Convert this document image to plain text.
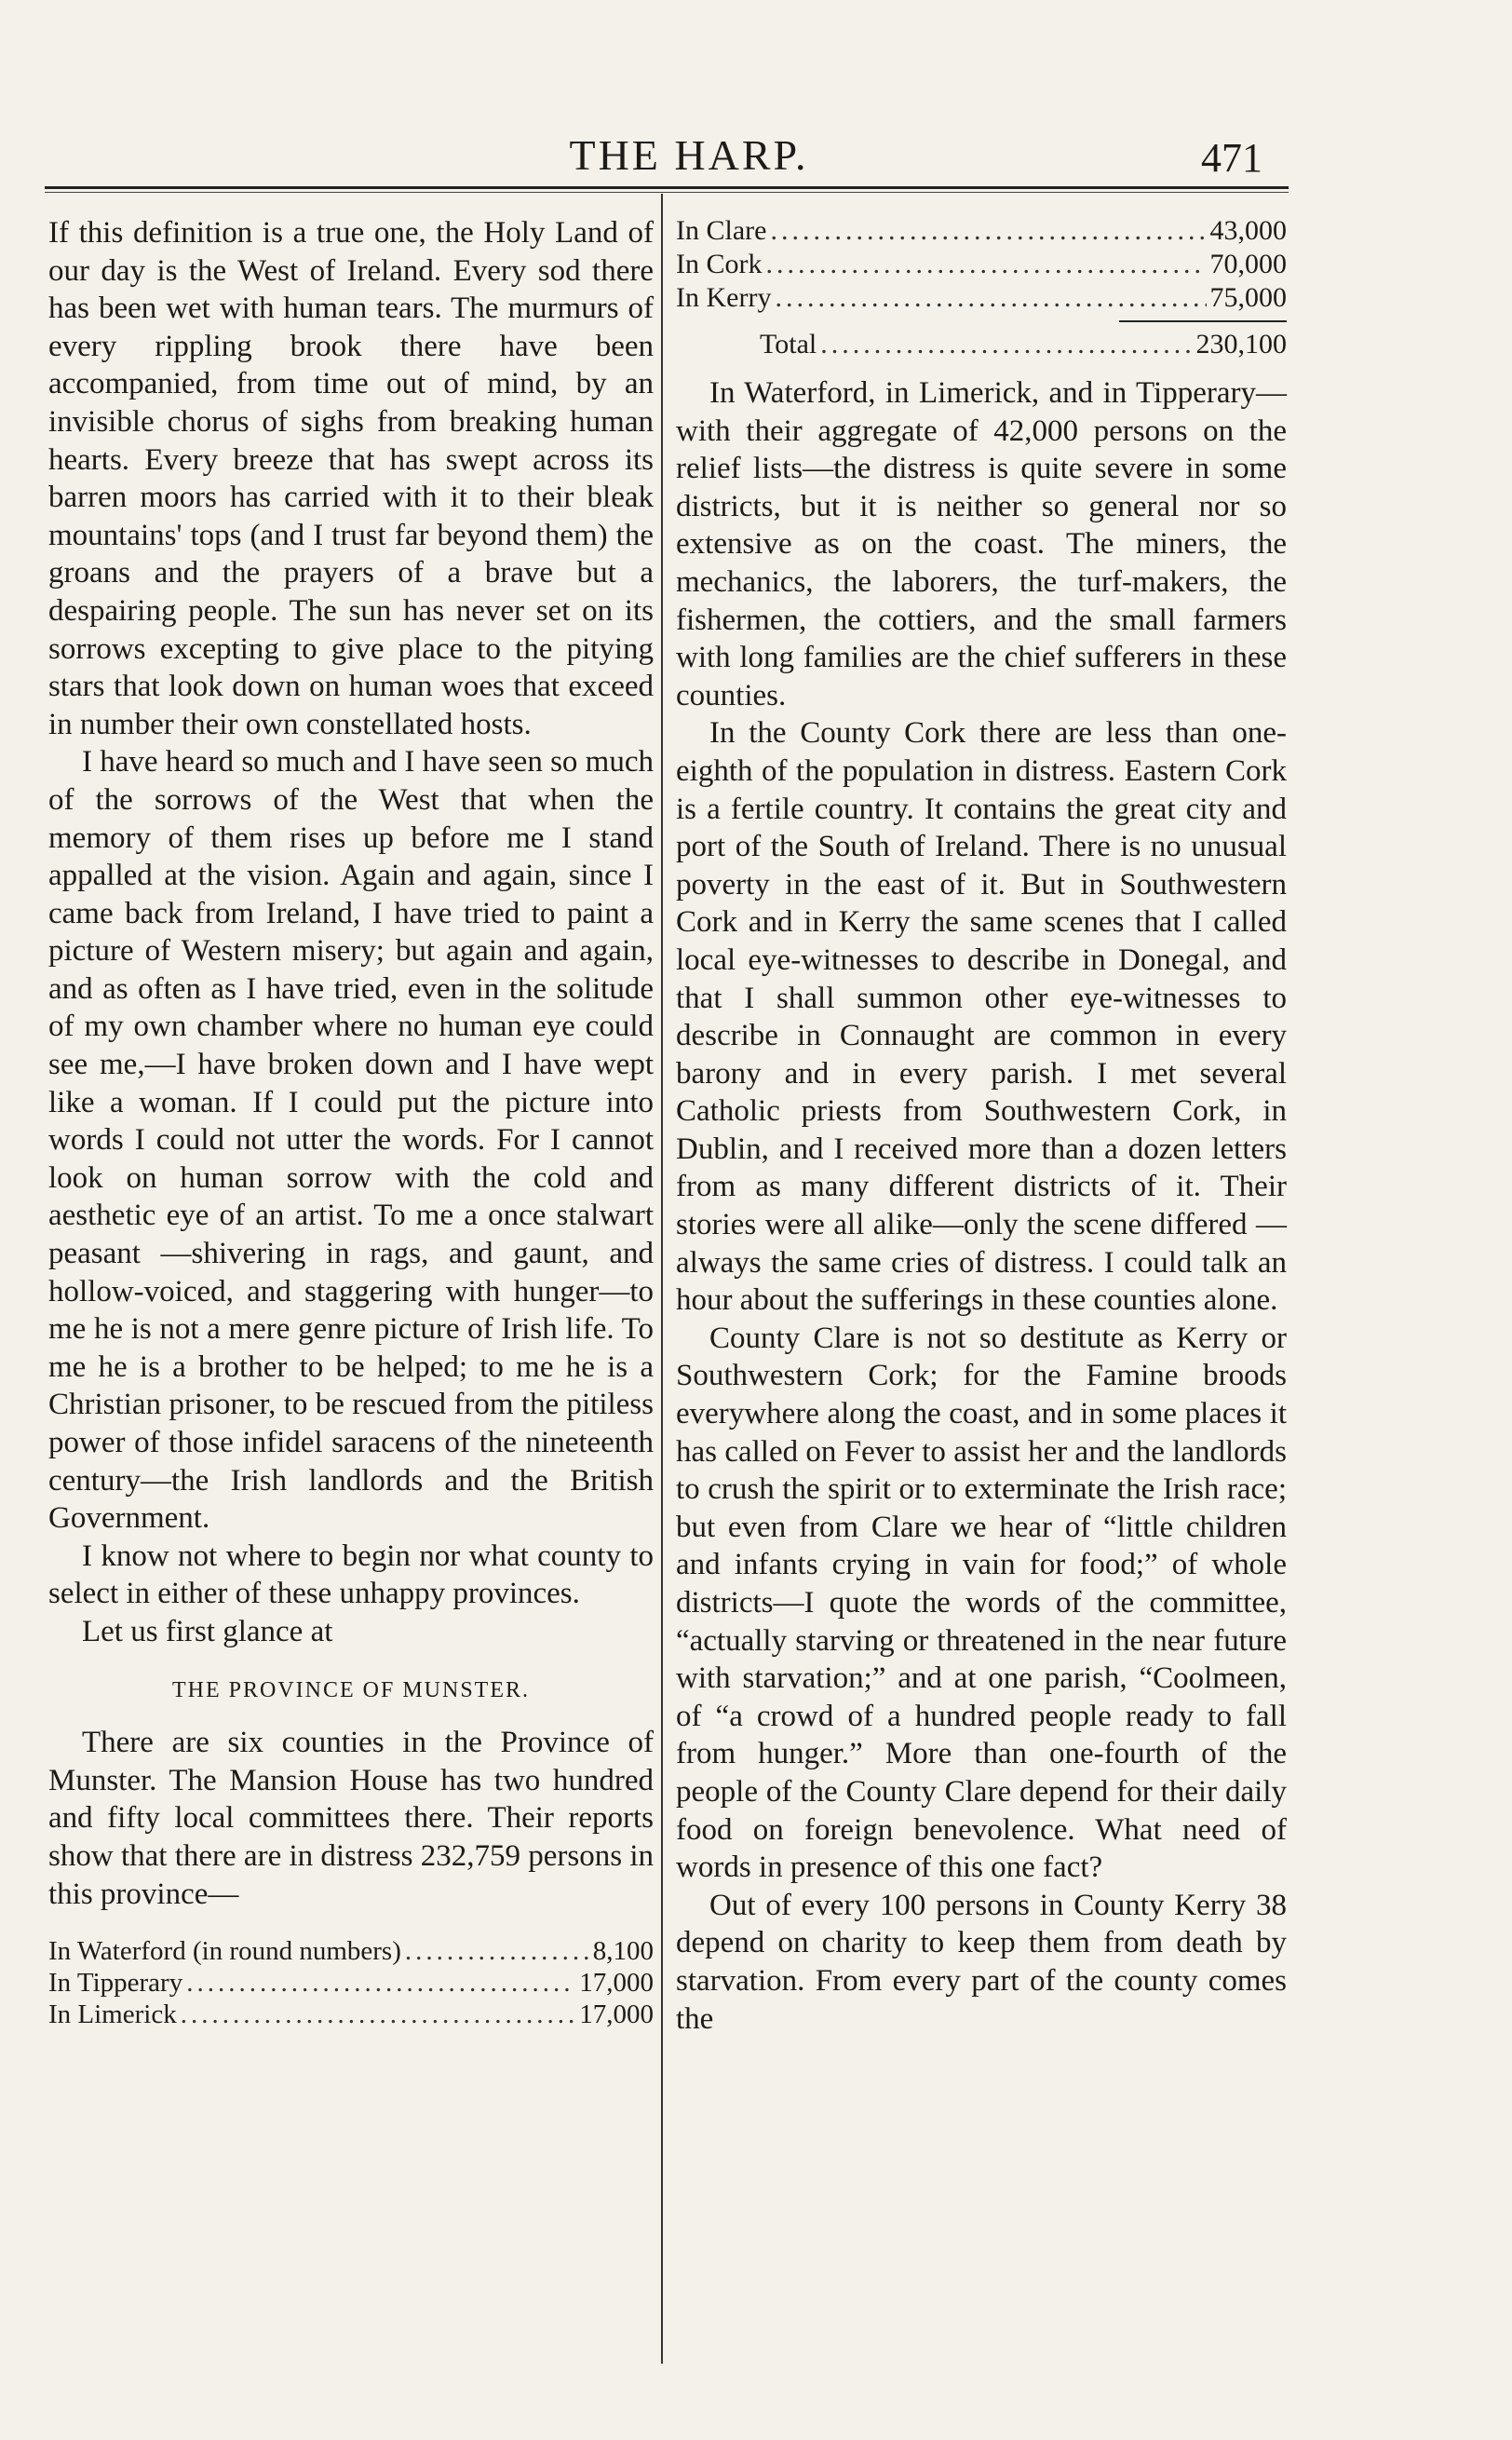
THE HARP.	471

If this definition is a true one, the Holy Land of our day is the West of Ireland. Every sod there has been wet with human tears. The murmurs of every rippling brook there have been accompanied, from time out of mind, by an invisible chorus of sighs from breaking human hearts. Every breeze that has swept across its barren moors has carried with it to their bleak mountains' tops (and I trust far beyond them) the groans and the prayers of a brave but a despairing people. The sun has never set on its sorrows excepting to give place to the pitying stars that look down on human woes that exceed in number their own constellated hosts.

I have heard so much and I have seen so much of the sorrows of the West that when the memory of them rises up before me I stand appalled at the vision. Again and again, since I came back from Ireland, I have tried to paint a picture of Western misery; but again and again, and as often as I have tried, even in the solitude of my own chamber where no human eye could see me,—I have broken down and I have wept like a woman. If I could put the picture into words I could not utter the words. For I cannot look on human sorrow with the cold and aesthetic eye of an artist. To me a once stalwart peasant —shivering in rags, and gaunt, and hollow-voiced, and staggering with hunger—to me he is not a mere genre picture of Irish life. To me he is a brother to be helped; to me he is a Christian prisoner, to be rescued from the pitiless power of those infidel saracens of the nineteenth century—the Irish landlords and the British Government.

I know not where to begin nor what county to select in either of these unhappy provinces.

Let us first glance at

THE PROVINCE OF MUNSTER.

There are six counties in the Province of Munster. The Mansion House has two hundred and fifty local committees there. Their reports show that there are in distress 232,759 persons in this province—

In Waterford (in round numbers) .....	8,100
In Tipperary .....	17,000
In Limerick .....	17,000
In Clare .....	43,000
In Cork .....	70,000
In Kerry .....	75,000
Total .....	230,100

In Waterford, in Limerick, and in Tipperary—with their aggregate of 42,000 persons on the relief lists—the distress is quite severe in some districts, but it is neither so general nor so extensive as on the coast. The miners, the mechanics, the laborers, the turf-makers, the fishermen, the cottiers, and the small farmers with long families are the chief sufferers in these counties.

In the County Cork there are less than one-eighth of the population in distress. Eastern Cork is a fertile country. It contains the great city and port of the South of Ireland. There is no unusual poverty in the east of it. But in Southwestern Cork and in Kerry the same scenes that I called local eye-witnesses to describe in Donegal, and that I shall summon other eye-witnesses to describe in Connaught are common in every barony and in every parish. I met several Catholic priests from Southwestern Cork, in Dublin, and I received more than a dozen letters from as many different districts of it. Their stories were all alike—only the scene differed —always the same cries of distress. I could talk an hour about the sufferings in these counties alone.

County Clare is not so destitute as Kerry or Southwestern Cork; for the Famine broods everywhere along the coast, and in some places it has called on Fever to assist her and the landlords to crush the spirit or to exterminate the Irish race; but even from Clare we hear of “little children and infants crying in vain for food;” of whole districts—I quote the words of the committee, “actually starving or threatened in the near future with starvation;” and at one parish, “Coolmeen, of “a crowd of a hundred people ready to fall from hunger.” More than one-fourth of the people of the County Clare depend for their daily food on foreign benevolence. What need of words in presence of this one fact?

Out of every 100 persons in County Kerry 38 depend on charity to keep them from death by starvation. From every part of the county comes the
